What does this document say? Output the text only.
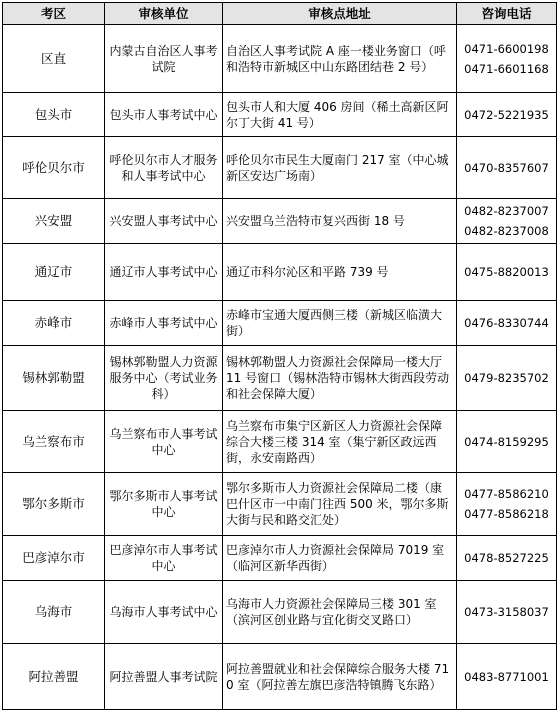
考区	审核单位	审核点地址	咨询电话
区直	内蒙古自治区人事考试院	自治区人事考试院 A 座一楼业务窗口（呼和浩特市新城区中山东路团结巷 2 号）	0471-6600198
0471-6601168

包头市	包头市人事考试中心	包头市人和大厦 406 房间（稀土高新区阿尔丁大街 41 号）	0472-5221935

呼伦贝尔市	呼伦贝尔市人才服务和人事考试中心	呼伦贝尔市民生大厦南门 217 室（中心城新区安达广场南）	0470-8357607

兴安盟	兴安盟人事考试中心	兴安盟乌兰浩特市复兴西街 18 号	0482-8237007
0482-8237008

通辽市	通辽市人事考试中心	通辽市科尔沁区和平路 739 号	0475-8820013

赤峰市	赤峰市人事考试中心	赤峰市宝通大厦西侧三楼（新城区临潢大街）	0476-8330744

锡林郭勒盟	锡林郭勒盟人力资源服务中心（考试业务科）	锡林郭勒盟人力资源社会保障局一楼大厅 11 号窗口（锡林浩特市锡林大街西段劳动和社会保障大厦）	0479-8235702

乌兰察布市	乌兰察布市人事考试中心	乌兰察布市集宁区新区人力资源社会保障综合大楼三楼 314 室（集宁新区政远西街，永安南路西）	0474-8159295

鄂尔多斯市	鄂尔多斯市人事考试中心	鄂尔多斯市人力资源社会保障局二楼（康巴什区市一中南门往西 500 米，鄂尔多斯大街与民和路交汇处）	0477-8586210
0477-8586218

巴彦淖尔市	巴彦淖尔市人事考试中心	巴彦淖尔市人力资源社会保障局 7019 室（临河区新华西街）	0478-8527225

乌海市	乌海市人事考试中心	乌海市人力资源社会保障局三楼 301 室（滨河区创业路与宜化街交叉路口）	0473-3158037

阿拉善盟	阿拉善盟人事考试院	阿拉善盟就业和社会保障综合服务大楼 710 室（阿拉善左旗巴彦浩特镇腾飞东路）	0483-8771001
